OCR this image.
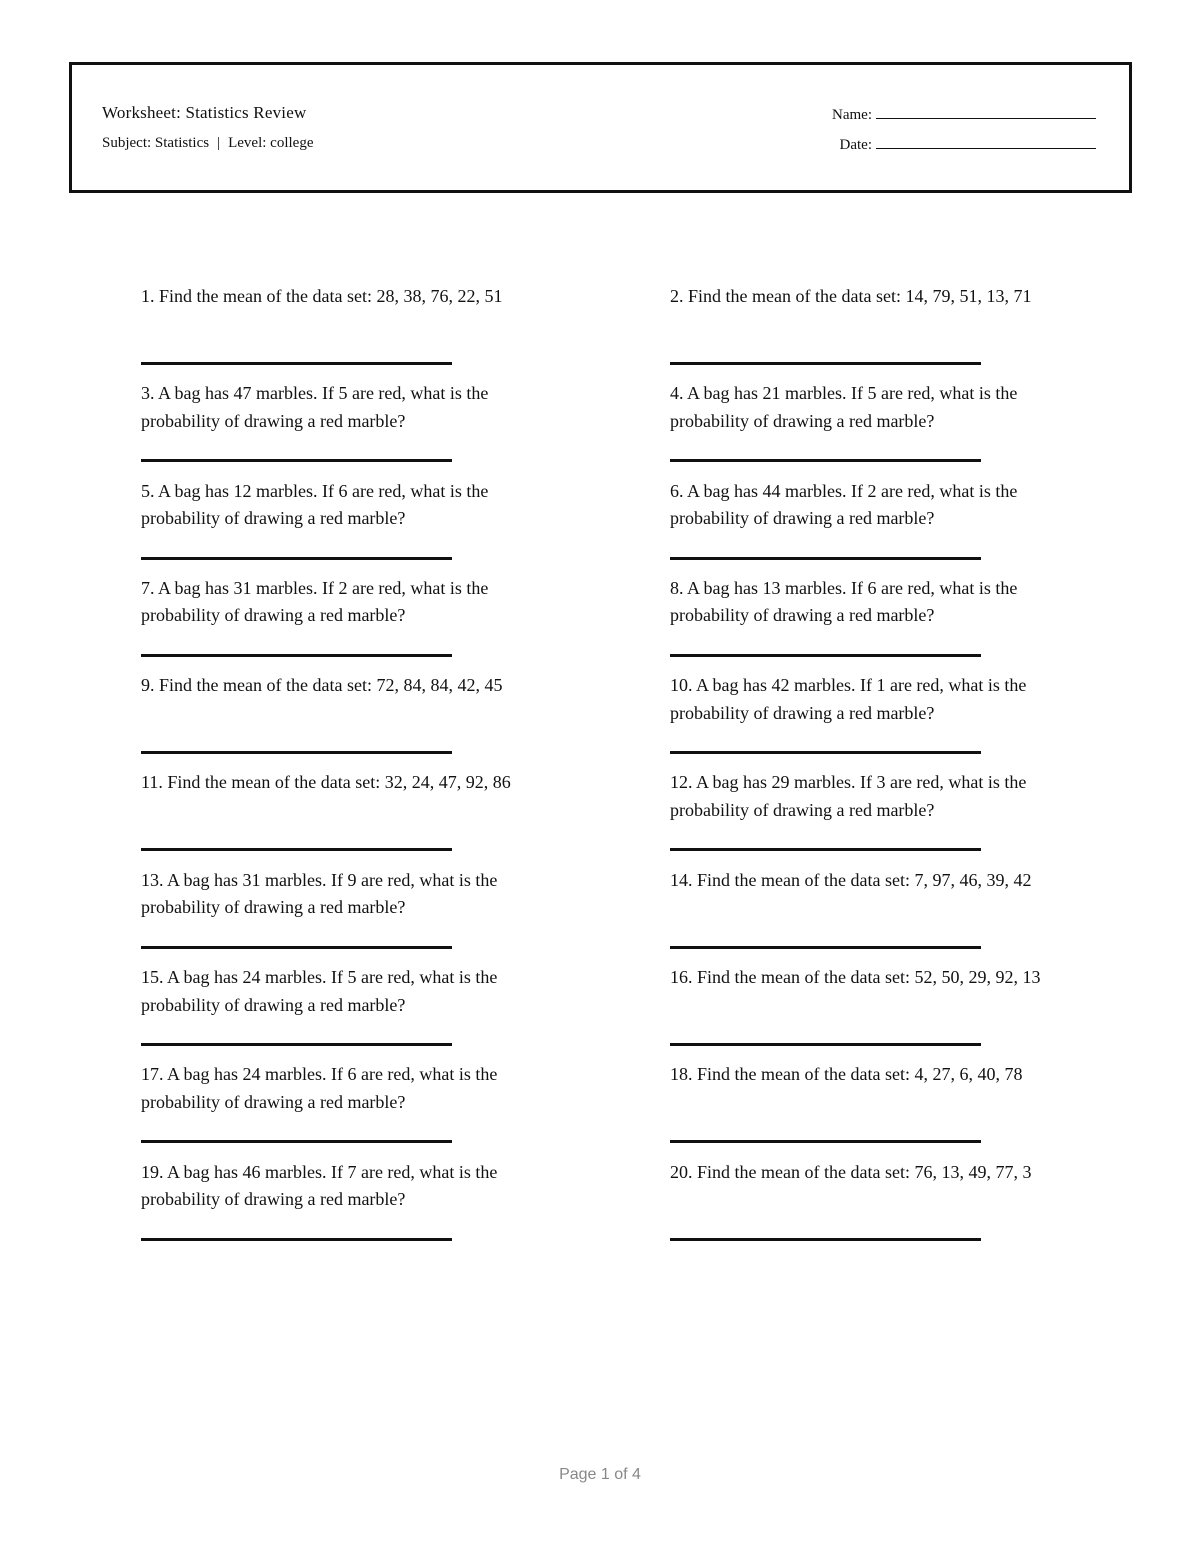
Worksheet: Statistics Review
Subject: Statistics | Level: college
Name:
Date:

1. Find the mean of the data set: 28, 38, 76, 22, 51	2. Find the mean of the data set: 14, 79, 51, 13, 71

3. A bag has 47 marbles. If 5 are red, what is the probability of drawing a red marble?

4. A bag has 21 marbles. If 5 are red, what is the probability of drawing a red marble?

5. A bag has 12 marbles. If 6 are red, what is the probability of drawing a red marble?

6. A bag has 44 marbles. If 2 are red, what is the probability of drawing a red marble?

7. A bag has 31 marbles. If 2 are red, what is the probability of drawing a red marble?

8. A bag has 13 marbles. If 6 are red, what is the probability of drawing a red marble?

9. Find the mean of the data set: 72, 84, 84, 42, 45	10. A bag has 42 marbles. If 1 are red, what is the probability of drawing a red marble?

11. Find the mean of the data set: 32, 24, 47, 92, 86	12. A bag has 29 marbles. If 3 are red, what is the probability of drawing a red marble?

13. A bag has 31 marbles. If 9 are red, what is the probability of drawing a red marble?

14. Find the mean of the data set: 7, 97, 46, 39, 42

15. A bag has 24 marbles. If 5 are red, what is the probability of drawing a red marble?

16. Find the mean of the data set: 52, 50, 29, 92, 13

17. A bag has 24 marbles. If 6 are red, what is the probability of drawing a red marble?

18. Find the mean of the data set: 4, 27, 6, 40, 78

19. A bag has 46 marbles. If 7 are red, what is the probability of drawing a red marble?

20. Find the mean of the data set: 76, 13, 49, 77, 3

Page 1 of 4
